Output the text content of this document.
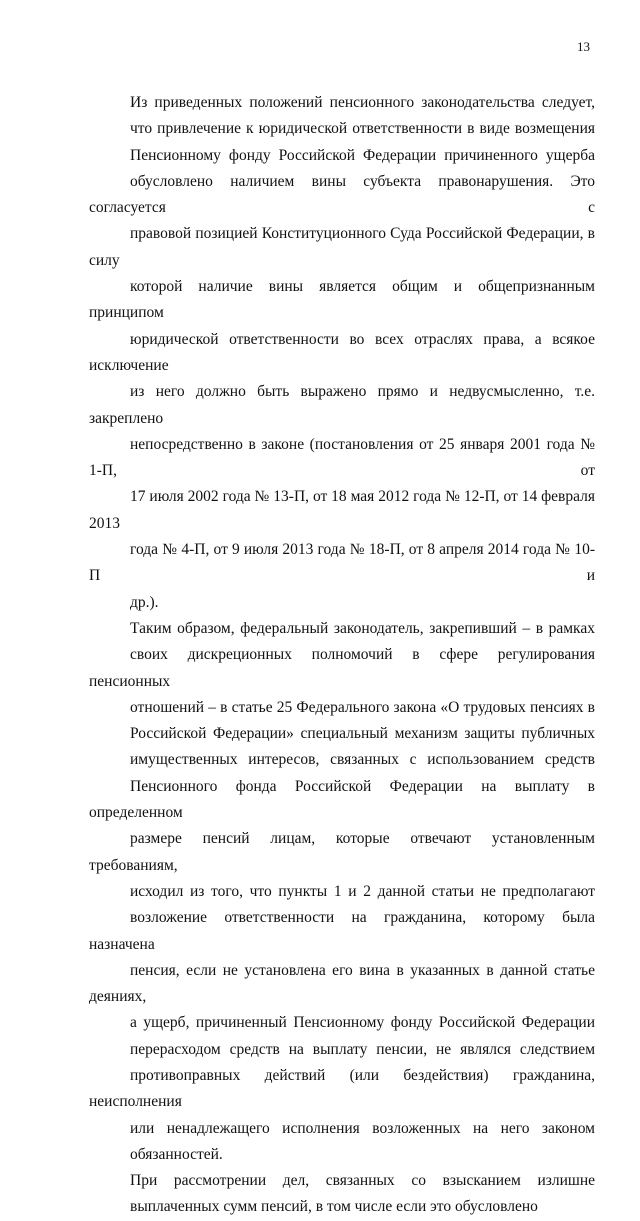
13

Из приведенных положений пенсионного законодательства следует,
что привлечение к юридической ответственности в виде возмещения
Пенсионному фонду Российской Федерации причиненного ущерба
обусловлено наличием вины субъекта правонарушения. Это согласуется с
правовой позицией Конституционного Суда Российской Федерации, в силу
которой наличие вины является общим и общепризнанным принципом
юридической ответственности во всех отраслях права, а всякое исключение
из него должно быть выражено прямо и недвусмысленно, т.е. закреплено
непосредственно в законе (постановления от 25 января 2001 года № 1-П, от
17 июля 2002 года № 13-П, от 18 мая 2012 года № 12-П, от 14 февраля 2013
года № 4-П, от 9 июля 2013 года № 18-П, от 8 апреля 2014 года № 10-П и
др.).

Таким образом, федеральный законодатель, закрепивший – в рамках
своих дискреционных полномочий в сфере регулирования пенсионных
отношений – в статье 25 Федерального закона «О трудовых пенсиях в
Российской Федерации» специальный механизм защиты публичных
имущественных интересов, связанных с использованием средств
Пенсионного фонда Российской Федерации на выплату в определенном
размере пенсий лицам, которые отвечают установленным требованиям,
исходил из того, что пункты 1 и 2 данной статьи не предполагают
возложение ответственности на гражданина, которому была назначена
пенсия, если не установлена его вина в указанных в данной статье деяниях,
а ущерб, причиненный Пенсионному фонду Российской Федерации
перерасходом средств на выплату пенсии, не являлся следствием
противоправных действий (или бездействия) гражданина, неисполнения
или ненадлежащего исполнения возложенных на него законом
обязанностей.

При рассмотрении дел, связанных со взысканием излишне
выплаченных сумм пенсий, в том числе если это обусловлено
